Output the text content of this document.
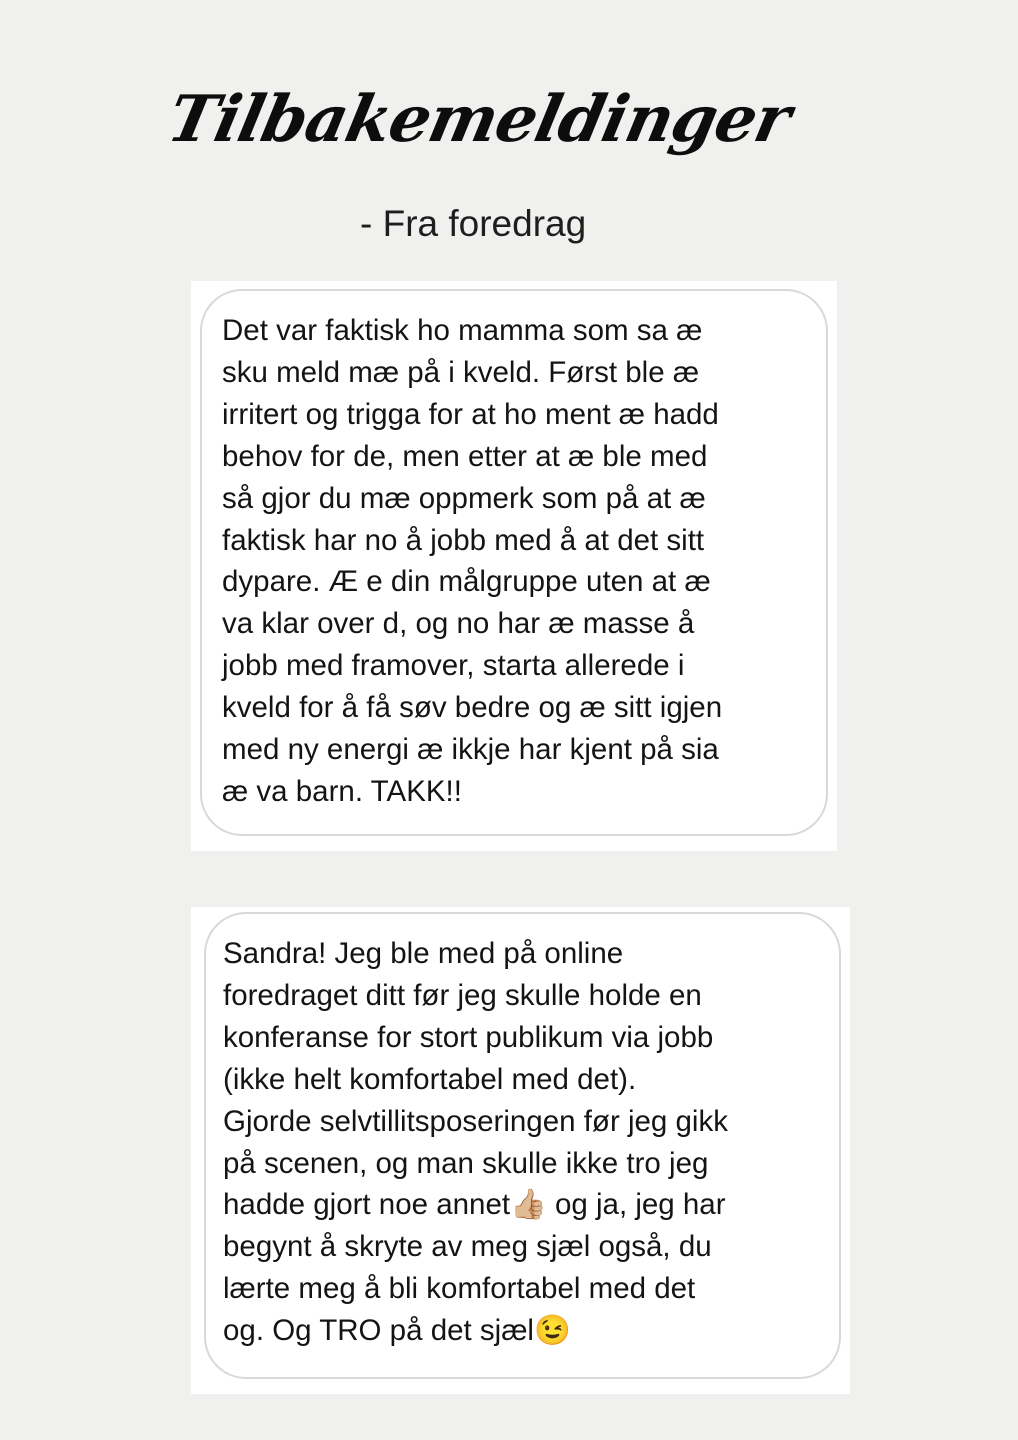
Tilbakemeldinger
- Fra foredrag

Det var faktisk ho mamma som sa æ
sku meld mæ på i kveld. Først ble æ
irritert og trigga for at ho ment æ hadd
behov for de, men etter at æ ble med
så gjor du mæ oppmerk som på at æ
faktisk har no å jobb med å at det sitt
dypare. Æ e din målgruppe uten at æ
va klar over d, og no har æ masse å
jobb med framover, starta allerede i
kveld for å få søv bedre og æ sitt igjen
med ny energi æ ikkje har kjent på sia
æ va barn. TAKK!!

Sandra! Jeg ble med på online
foredraget ditt før jeg skulle holde en
konferanse for stort publikum via jobb
(ikke helt komfortabel med det).
Gjorde selvtillitsposeringen før jeg gikk
på scenen, og man skulle ikke tro jeg
hadde gjort noe annet👍🏼 og ja, jeg har
begynt å skryte av meg sjæl også, du
lærte meg å bli komfortabel med det
og. Og TRO på det sjæl😉
